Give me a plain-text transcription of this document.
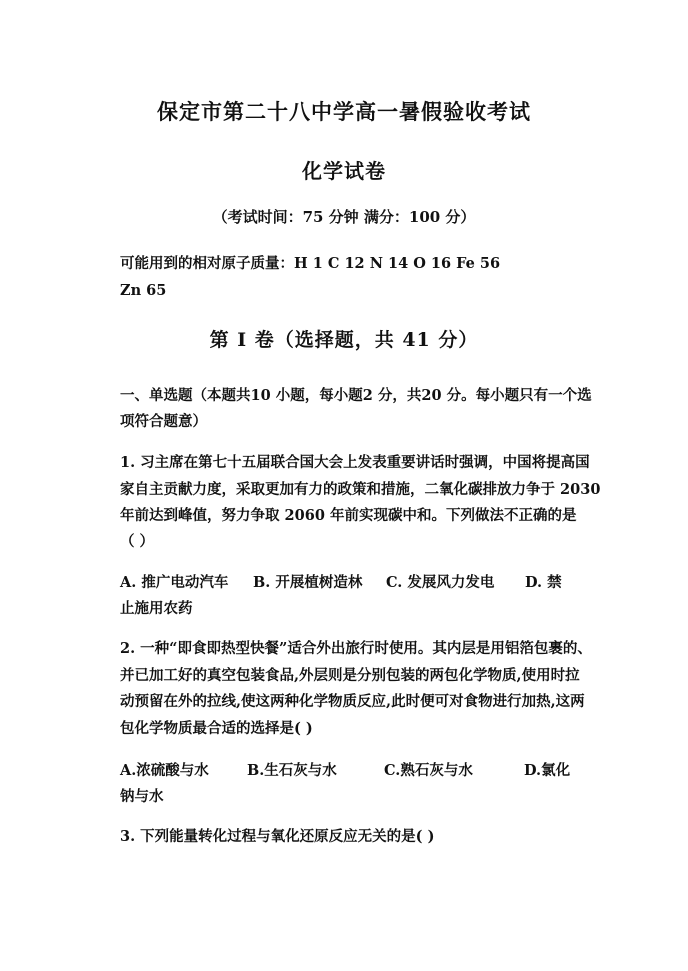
保定市第二十八中学高一暑假验收考试
化学试卷
（考试时间：75 分钟 满分：100 分）
可能用到的相对原子质量：H 1 C 12 N 14 O 16 Fe 56
Zn 65
第 I 卷（选择题，共 41 分）
一、单选题（本题共10 小题，每小题2 分，共20 分。每小题只有一个选
项符合题意）
1. 习主席在第七十五届联合国大会上发表重要讲话时强调，中国将提高国
家自主贡献力度，采取更加有力的政策和措施，二氧化碳排放力争于 2030
年前达到峰值，努力争取 2060 年前实现碳中和。下列做法不正确的是
（ ）
A. 推广电动汽车 B. 开展植树造林 C. 发展风力发电 D. 禁
止施用农药
2. 一种“即食即热型快餐”适合外出旅行时使用。其内层是用铝箔包裹的、
并已加工好的真空包装食品,外层则是分别包装的两包化学物质,使用时拉
动预留在外的拉线,使这两种化学物质反应,此时便可对食物进行加热,这两
包化学物质最合适的选择是( )
A.浓硫酸与水	B.生石灰与水	C.熟石灰与水	D.氯化
钠与水
3. 下列能量转化过程与氧化还原反应无关的是( )
